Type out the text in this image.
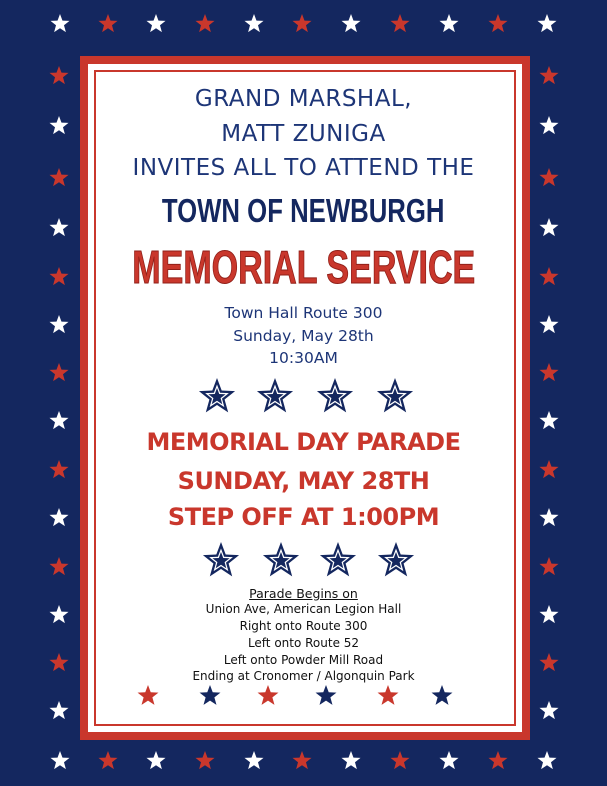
GRAND MARSHAL,

MATT ZUNIGA

INVITES ALL TO ATTEND THE

TOWN OF NEWBURGH

MEMORIAL SERVICE

Town Hall Route 300

Sunday, May 28th

10:30AM

MEMORIAL DAY PARADE

SUNDAY, MAY 28TH

STEP OFF AT 1:00PM

Parade Begins on

Union Ave, American Legion Hall

Right onto Route 300

Left onto Route 52

Left onto Powder Mill Road

Ending at Cronomer / Algonquin Park
